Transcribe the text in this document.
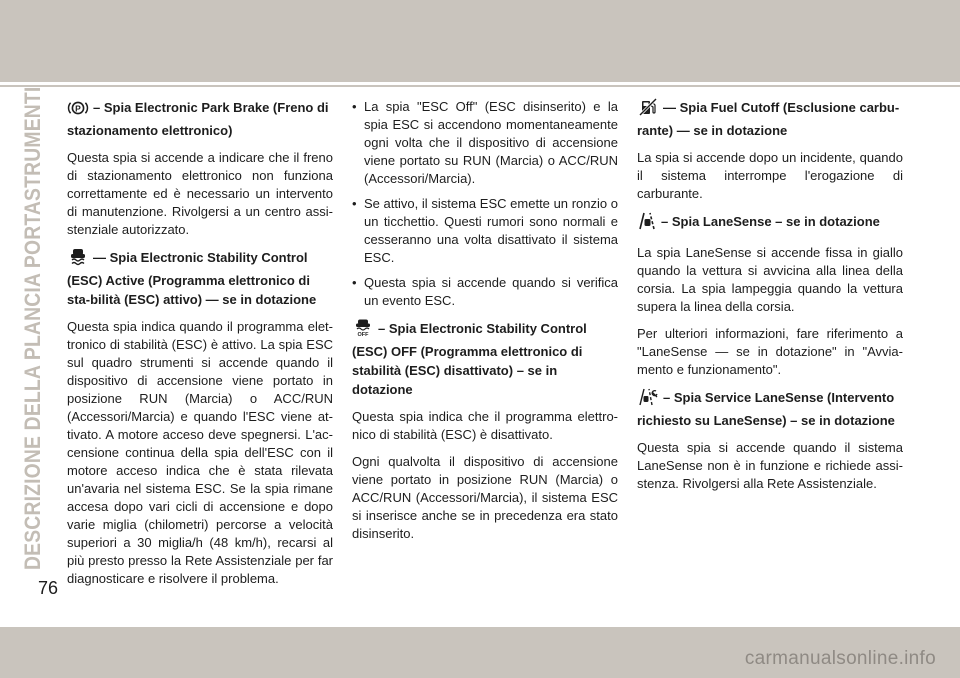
DESCRIZIONE DELLA PLANCIA PORTASTRUMENTI
76
P – Spia Electronic Park Brake (Freno di stazionamento elettronico)

Questa spia si accende a indicare che il freno di stazionamento elettronico non funziona correttamente ed è necessario un intervento di manutenzione. Rivolgersi a un centro assi-stenziale autorizzato.

— Spia Electronic Stability Control (ESC) Active (Programma elettronico di sta-bilità (ESC) attivo) — se in dotazione

Questa spia indica quando il programma elet-tronico di stabilità (ESC) è attivo. La spia ESC sul quadro strumenti si accende quando il dispositivo di accensione viene portato in posizione RUN (Marcia) o ACC/RUN (Accessori/Marcia) e quando l'ESC viene at-tivato. A motore acceso deve spegnersi. L'ac-censione continua della spia dell'ESC con il motore acceso indica che è stata rilevata un'avaria nel sistema ESC. Se la spia rimane accesa dopo vari cicli di accensione e dopo varie miglia (chilometri) percorse a velocità superiori a 30 miglia/h (48 km/h), recarsi al più presto presso la Rete Assistenziale per far diagnosticare e risolvere il problema.

• La spia "ESC Off" (ESC disinserito) e la spia ESC si accendono momentaneamente ogni volta che il dispositivo di accensione viene portato su RUN (Marcia) o ACC/RUN (Accessori/Marcia).
• Se attivo, il sistema ESC emette un ronzio o un ticchettio. Questi rumori sono normali e cesseranno una volta disattivato il sistema ESC.
• Questa spia si accende quando si verifica un evento ESC.
OFF – Spia Electronic Stability Control (ESC) OFF (Programma elettronico di stabilità (ESC) disattivato) – se in dotazione

Questa spia indica che il programma elettro-nico di stabilità (ESC) è disattivato.

Ogni qualvolta il dispositivo di accensione viene portato in posizione RUN (Marcia) o ACC/RUN (Accessori/Marcia), il sistema ESC si inserisce anche se in precedenza era stato disinserito.

— Spia Fuel Cutoff (Esclusione carbu-rante) — se in dotazione

La spia si accende dopo un incidente, quando il sistema interrompe l'erogazione di carburante.

– Spia LaneSense – se in dotazione

La spia LaneSense si accende fissa in giallo quando la vettura si avvicina alla linea della corsia. La spia lampeggia quando la vettura supera la linea della corsia.

Per ulteriori informazioni, fare riferimento a "LaneSense — se in dotazione" in "Avvia-mento e funzionamento".

– Spia Service LaneSense (Intervento richiesto su LaneSense) – se in dotazione

Questa spia si accende quando il sistema LaneSense non è in funzione e richiede assi-stenza. Rivolgersi alla Rete Assistenziale.

carmanualsonline.info
